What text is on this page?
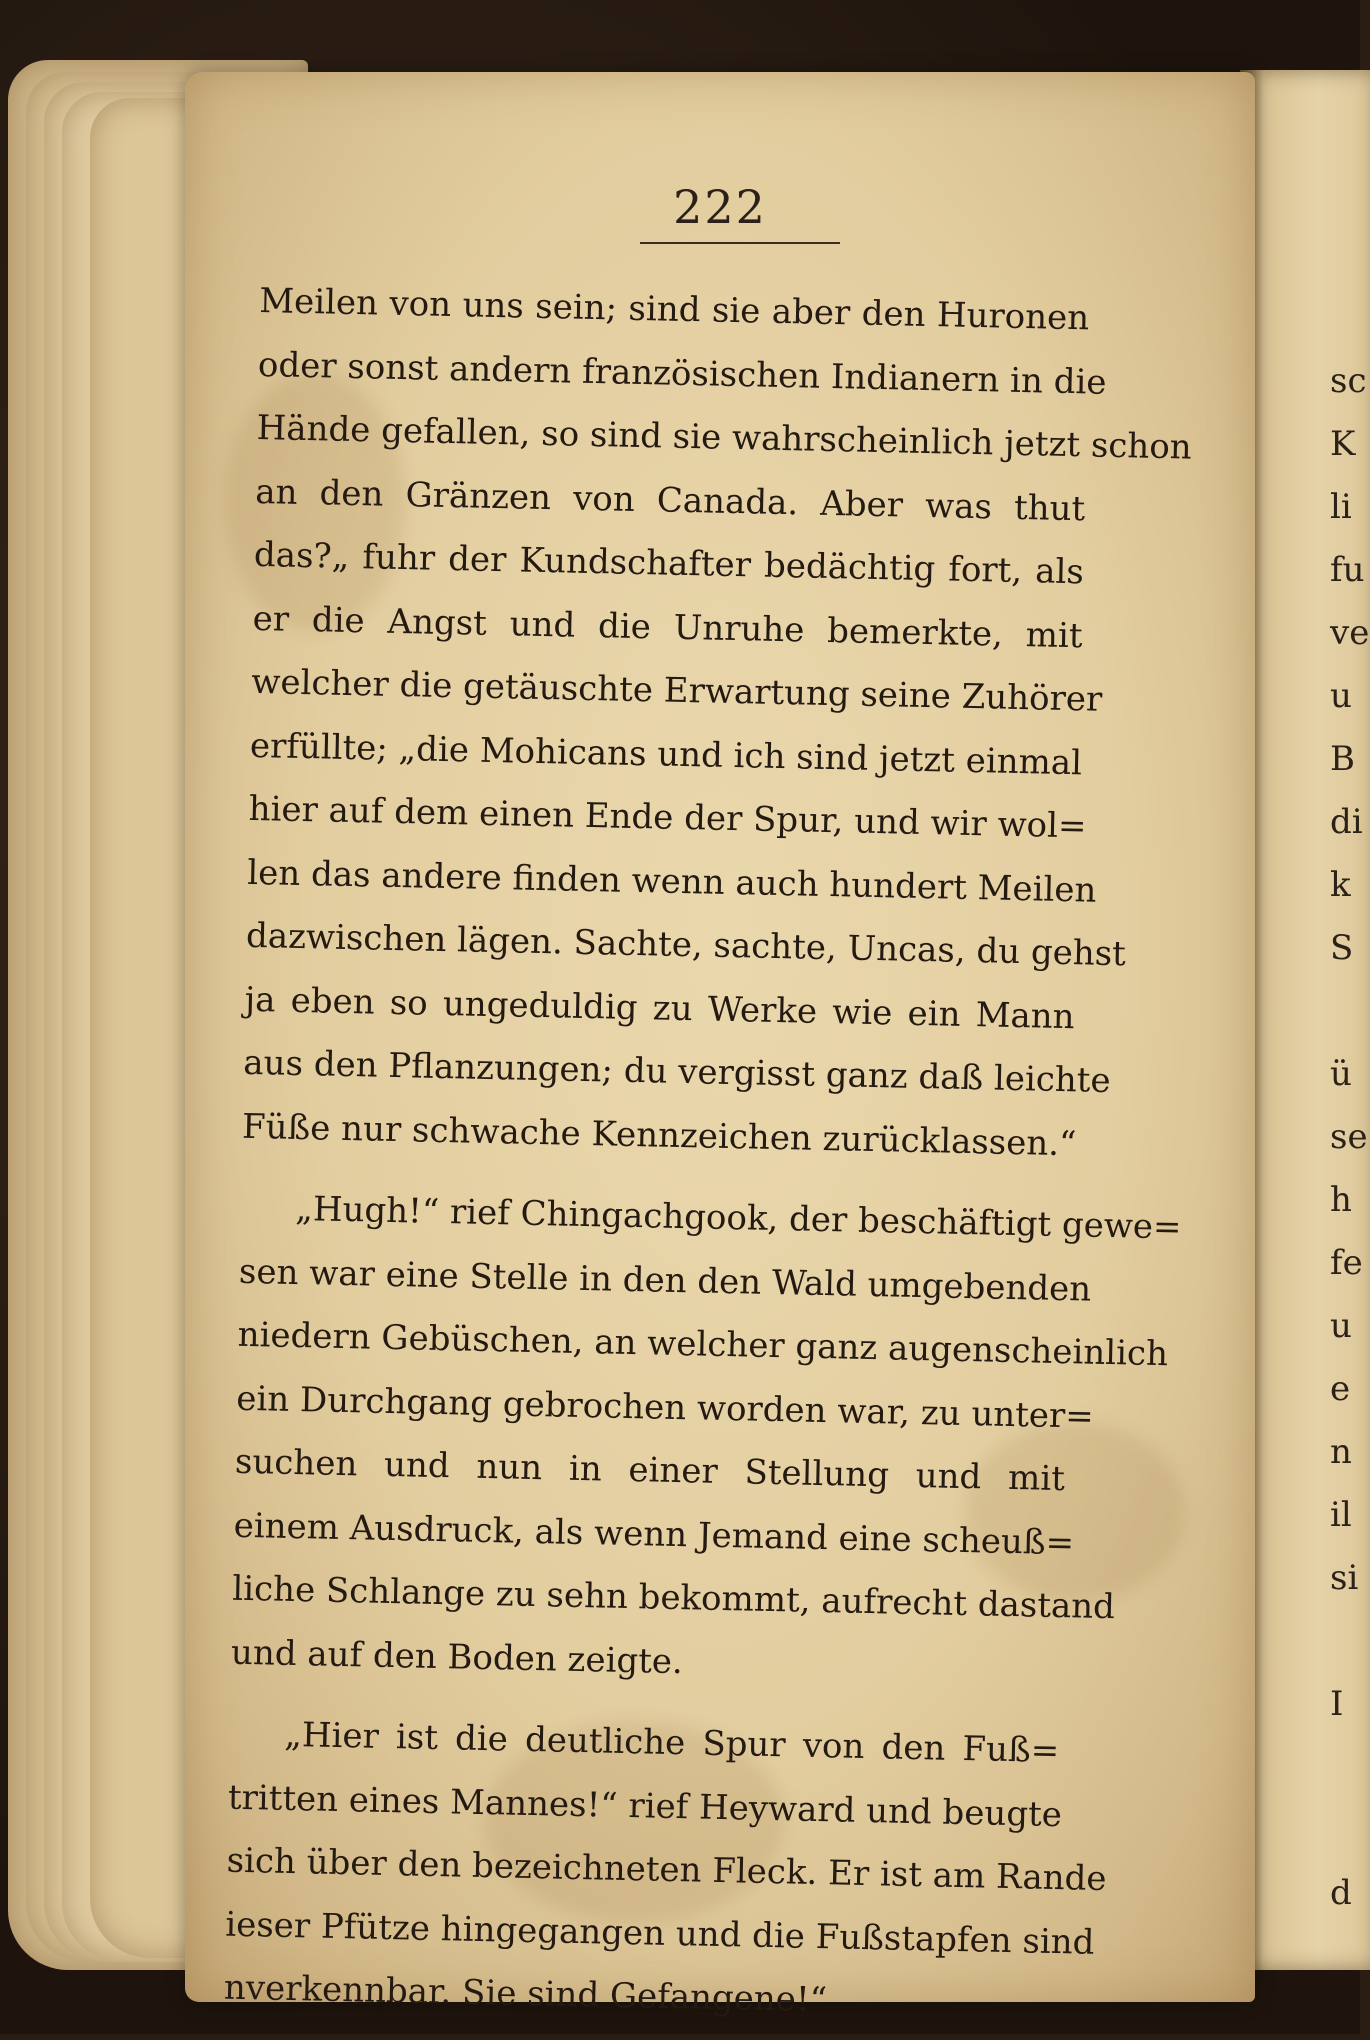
sc
K
li
fu
ve
u
B
di
k
S
ü
se
h
fe
u
e
n
il
si
I
d
222
Meilen von uns sein; sind sie aber den Huronen
oder sonst andern französischen Indianern in die
Hände gefallen, so sind sie wahrscheinlich jetzt schon
an den Gränzen von Canada. Aber was thut
das?„ fuhr der Kundschafter bedächtig fort, als
er die Angst und die Unruhe bemerkte, mit
welcher die getäuschte Erwartung seine Zuhörer
erfüllte; „die Mohicans und ich sind jetzt einmal
hier auf dem einen Ende der Spur, und wir wol=
len das andere finden wenn auch hundert Meilen
dazwischen lägen. Sachte, sachte, Uncas, du gehst
ja eben so ungeduldig zu Werke wie ein Mann
aus den Pflanzungen; du vergisst ganz daß leichte
Füße nur schwache Kennzeichen zurücklassen.“
„Hugh!“ rief Chingachgook, der beschäftigt gewe=
sen war eine Stelle in den den Wald umgebenden
niedern Gebüschen, an welcher ganz augenscheinlich
ein Durchgang gebrochen worden war, zu unter=
suchen und nun in einer Stellung und mit
einem Ausdruck, als wenn Jemand eine scheuß=
liche Schlange zu sehn bekommt, aufrecht dastand
und auf den Boden zeigte.
„Hier ist die deutliche Spur von den Fuß=
tritten eines Mannes!“ rief Heyward und beugte
sich über den bezeichneten Fleck. Er ist am Rande
ieser Pfütze hingegangen und die Fußstapfen sind
nverkennbar. Sie sind Gefangene!“
